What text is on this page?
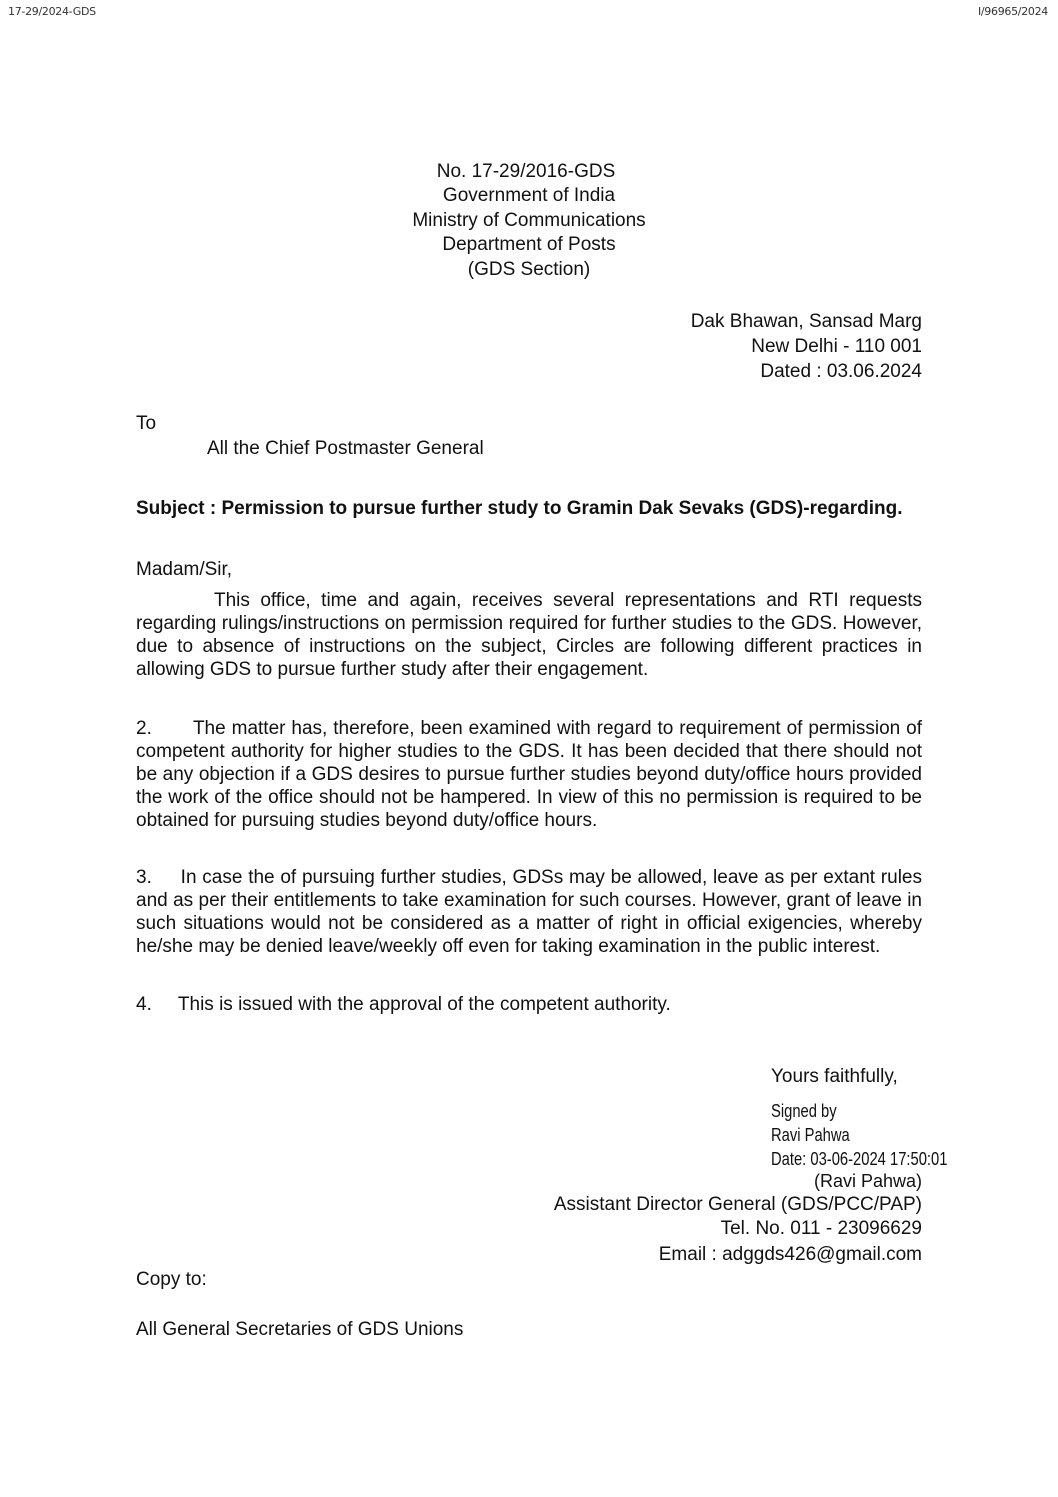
17-29/2024-GDS	I/96965/2024
No. 17-29/2016-GDS
Government of India
Ministry of Communications
Department of Posts
(GDS Section)
Dak Bhawan, Sansad Marg
New Delhi - 110 001
Dated : 03.06.2024
To
All the Chief Postmaster General
Subject : Permission to pursue further study to Gramin Dak Sevaks (GDS)-regarding.
Madam/Sir,
This office, time and again, receives several representations and RTI requests regarding rulings/instructions on permission required for further studies to the GDS. However, due to absence of instructions on the subject, Circles are following different practices in allowing GDS to pursue further study after their engagement.
2.       The matter has, therefore, been examined with regard to requirement of permission of competent authority for higher studies to the GDS. It has been decided that there should not be any objection if a GDS desires to pursue further studies beyond duty/office hours provided the work of the office should not be hampered. In view of this no permission is required to be obtained for pursuing studies beyond duty/office hours.
3.     In case the of pursuing further studies, GDSs may be allowed, leave as per extant rules and as per their entitlements to take examination for such courses. However, grant of leave in such situations would not be considered as a matter of right in official exigencies, whereby he/she may be denied leave/weekly off even for taking examination in the public interest.
4.     This is issued with the approval of the competent authority.
Yours faithfully,
Signed by
Ravi Pahwa
Date: 03-06-2024 17:50:01
(Ravi Pahwa)
Assistant Director General (GDS/PCC/PAP)
Tel. No. 011 - 23096629
Email : adggds426@gmail.com
Copy to:
All General Secretaries of GDS Unions
